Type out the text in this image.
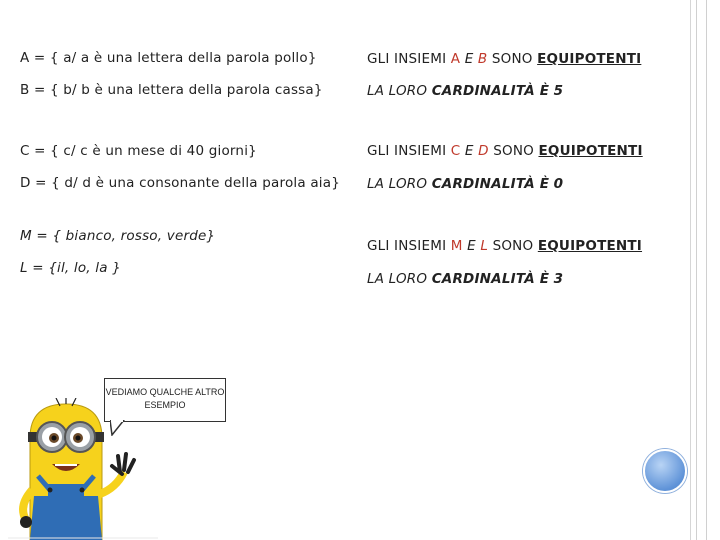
A = { a/ a è una lettera della parola pollo}
B = { b/ b è una lettera della parola cassa}
C = { c/ c è un mese di 40 giorni}
D = { d/ d è una consonante della parola aia}
M = { bianco, rosso, verde}
L = {il, lo, la }
GLI INSIEMI A E B SONO EQUIPOTENTI
LA LORO CARDINALITÀ È 5
GLI INSIEMI C E D SONO EQUIPOTENTI
LA LORO CARDINALITÀ È 0
GLI INSIEMI M E L SONO EQUIPOTENTI
LA LORO CARDINALITÀ È 3
VEDIAMO QUALCHE ALTRO ESEMPIO
